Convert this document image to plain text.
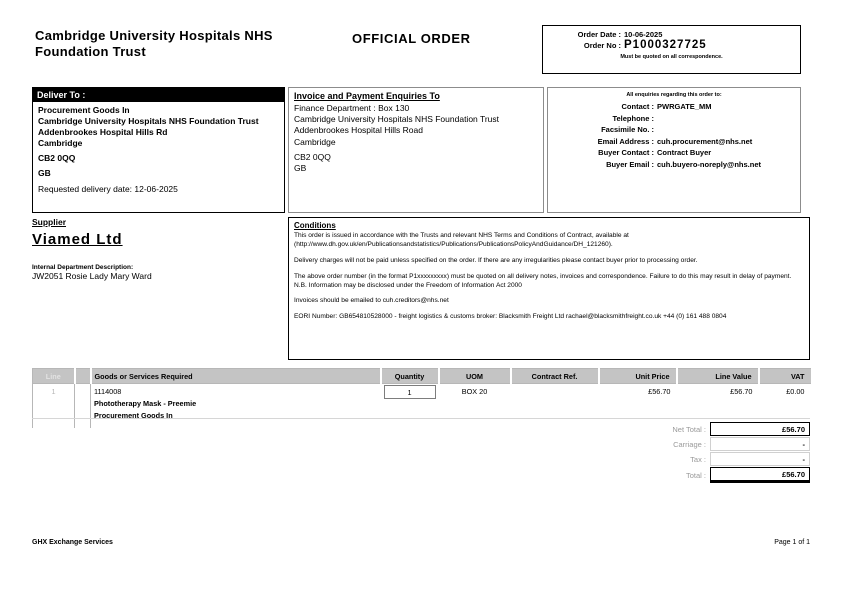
Cambridge University Hospitals NHS Foundation Trust
OFFICIAL ORDER	Order Date : 10-06-2025
Order No : P1000327725
Must be quoted on all correspondence.
Deliver To :
Procurement Goods In
Cambridge University Hospitals NHS Foundation Trust
Addenbrookes Hospital Hills Rd
Cambridge
CB2 0QQ
GB
Requested delivery date: 12-06-2025
Invoice and Payment Enquiries To
Finance Department : Box 130
Cambridge University Hospitals NHS Foundation Trust
Addenbrookes Hospital Hills Road
Cambridge
CB2 0QQ
GB
All enquiries regarding this order to:
Contact : PWRGATE_MM
Telephone :
Facsimile No. :
Email Address : cuh.procurement@nhs.net
Buyer Contact : Contract Buyer
Buyer Email : cuh.buyero-noreply@nhs.net
Supplier
Viamed Ltd
Internal Department Description:
JW2051 Rosie Lady Mary Ward
Conditions

This order is issued in accordance with the Trusts and relevant NHS Terms and Conditions of Contract, available at (http://www.dh.gov.uk/en/Publicationsandstatistics/Publications/PublicationsPolicyAndGuidance/DH_121260).

Delivery charges will not be paid unless specified on the order. If there are any irregularities please contact buyer prior to processing order.

The above order number (in the format P1xxxxxxxxx) must be quoted on all delivery notes, invoices and correspondence. Failure to do this may result in delay of payment. N.B. Information may be disclosed under the Freedom of Information Act 2000

Invoices should be emailed to cuh.creditors@nhs.net

EORI Number: GB654810528000 - freight logistics & customs broker: Blacksmith Freight Ltd rachael@blacksmithfreight.co.uk +44 (0) 161 488 0804

Line		Goods or Services Required	Quantity	UOM	Contract Ref.	Unit Price	Line Value	VAT
1		1114008
Phototherapy Mask - Preemie
Procurement Goods In	1	BOX 20		£56.70	£56.70	£0.00
Net Total :	£56.70
Carriage :	-
Tax :	-
Total :	£56.70
GHX Exchange Services	Page 1 of 1
